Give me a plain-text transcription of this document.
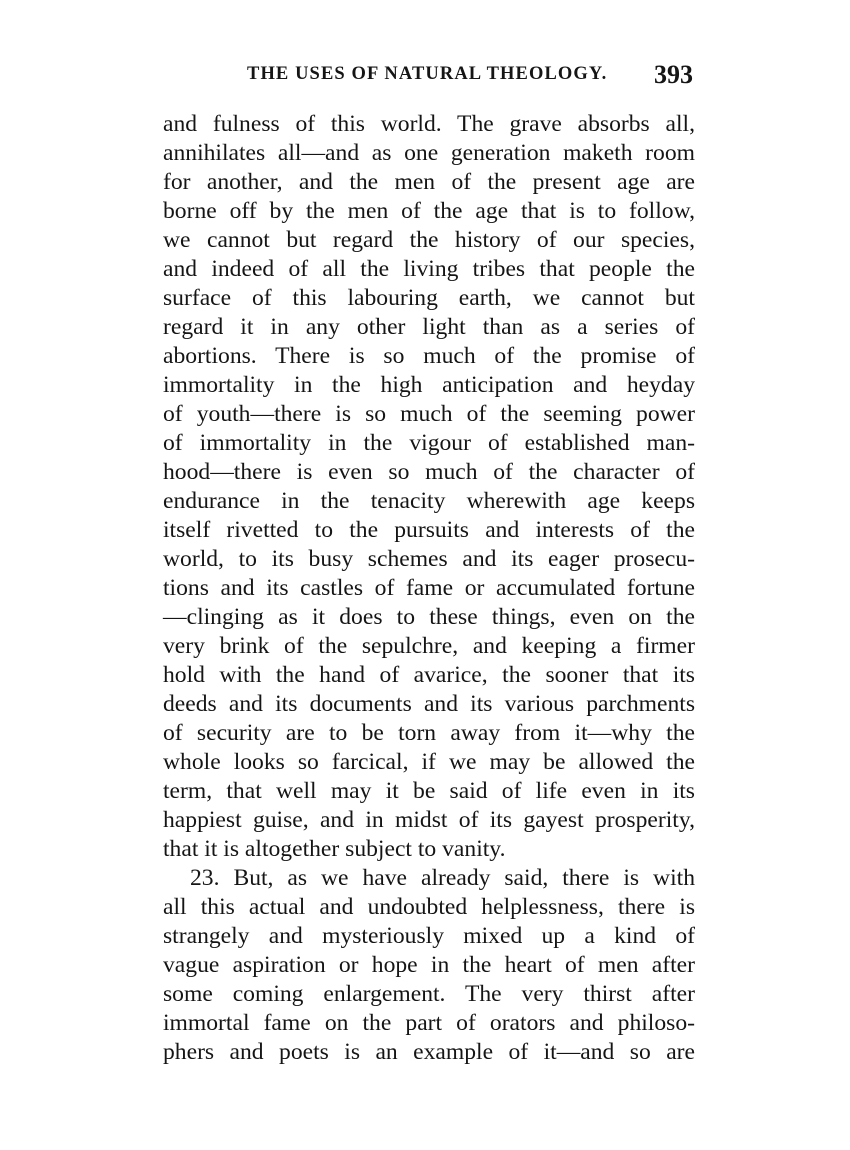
THE USES OF NATURAL THEOLOGY. 393
and fulness of this world. The grave absorbs all,
annihilates all—and as one generation maketh room
for another, and the men of the present age are
borne off by the men of the age that is to follow,
we cannot but regard the history of our species,
and indeed of all the living tribes that people the
surface of this labouring earth, we cannot but
regard it in any other light than as a series of
abortions. There is so much of the promise of
immortality in the high anticipation and heyday
of youth—there is so much of the seeming power
of immortality in the vigour of established man-
hood—there is even so much of the character of
endurance in the tenacity wherewith age keeps
itself rivetted to the pursuits and interests of the
world, to its busy schemes and its eager prosecu-
tions and its castles of fame or accumulated fortune
—clinging as it does to these things, even on the
very brink of the sepulchre, and keeping a firmer
hold with the hand of avarice, the sooner that its
deeds and its documents and its various parchments
of security are to be torn away from it—why the
whole looks so farcical, if we may be allowed the
term, that well may it be said of life even in its
happiest guise, and in midst of its gayest prosperity,
that it is altogether subject to vanity.
23. But, as we have already said, there is with
all this actual and undoubted helplessness, there is
strangely and mysteriously mixed up a kind of
vague aspiration or hope in the heart of men after
some coming enlargement. The very thirst after
immortal fame on the part of orators and philoso-
phers and poets is an example of it—and so are
